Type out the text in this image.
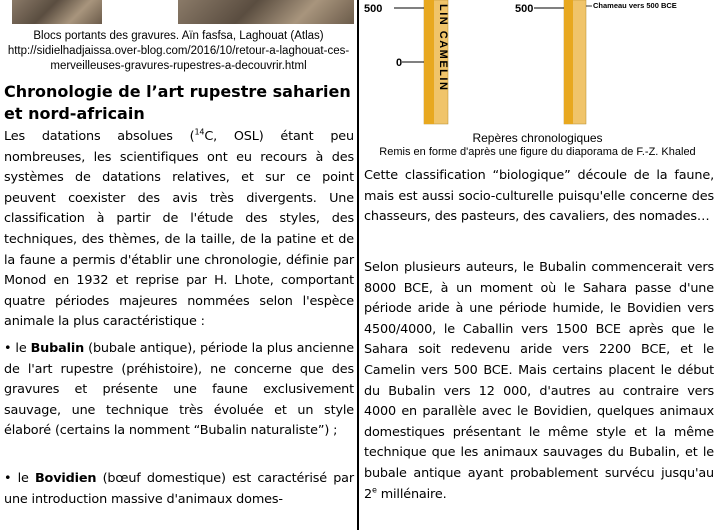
Blocs portants des gravures. Aïn fasfsa, Laghouat (Atlas)
http://sidielhadjaissa.over-blog.com/2016/10/retour-a-laghouat-ces-
merveilleuses-gravures-rupestres-a-decouvrir.html
Chronologie de l’art rupestre saharien et nord-africain

Les datations absolues ($^{14}$C, OSL) étant peu nombreuses, les scientifiques ont eu recours à des systèmes de datations relatives, et sur ce point peuvent coexister des avis très divergents. Une classification à partir de l'étude des styles, des techniques, des thèmes, de la taille, de la patine et de la faune a permis d'établir une chronologie, définie par Monod en 1932 et reprise par H. Lhote, comportant quatre périodes majeures nommées selon l'espèce animale la plus caractéristique :

• le Bubalin (bubale antique), période la plus ancienne de l'art rupestre (préhistoire), ne concerne que des gravures et présente une faune exclusivement sauvage, une technique très évoluée et un style élaboré (certains la nomment “Bubalin naturaliste”) ;

• le Bovidien (bœuf domestique) est caractérisé par une introduction massive d'animaux domes-

500
0	LIN CAMELIN	500	Chameau vers 500 BCE
Repères chronologiques
Remis en forme d'après une figure du diaporama de F.-Z. Khaled

Cette classification “biologique” découle de la faune, mais est aussi socio-culturelle puisqu'elle concerne des chasseurs, des pasteurs, des cavaliers, des nomades…

Selon plusieurs auteurs, le Bubalin commencerait vers 8000 BCE, à un moment où le Sahara passe d'une période aride à une période humide, le Bovidien vers 4500/4000, le Caballin vers 1500 BCE après que le Sahara soit redevenu aride vers 2200 BCE, et le Camelin vers 500 BCE. Mais certains placent le début du Bubalin vers 12 000, d'autres au contraire vers 4000 en parallèle avec le Bovidien, quelques animaux domestiques présentant le même style et la même technique que les animaux sauvages du Bubalin, et le bubale antique ayant probablement survécu jusqu'au 2e millénaire.
